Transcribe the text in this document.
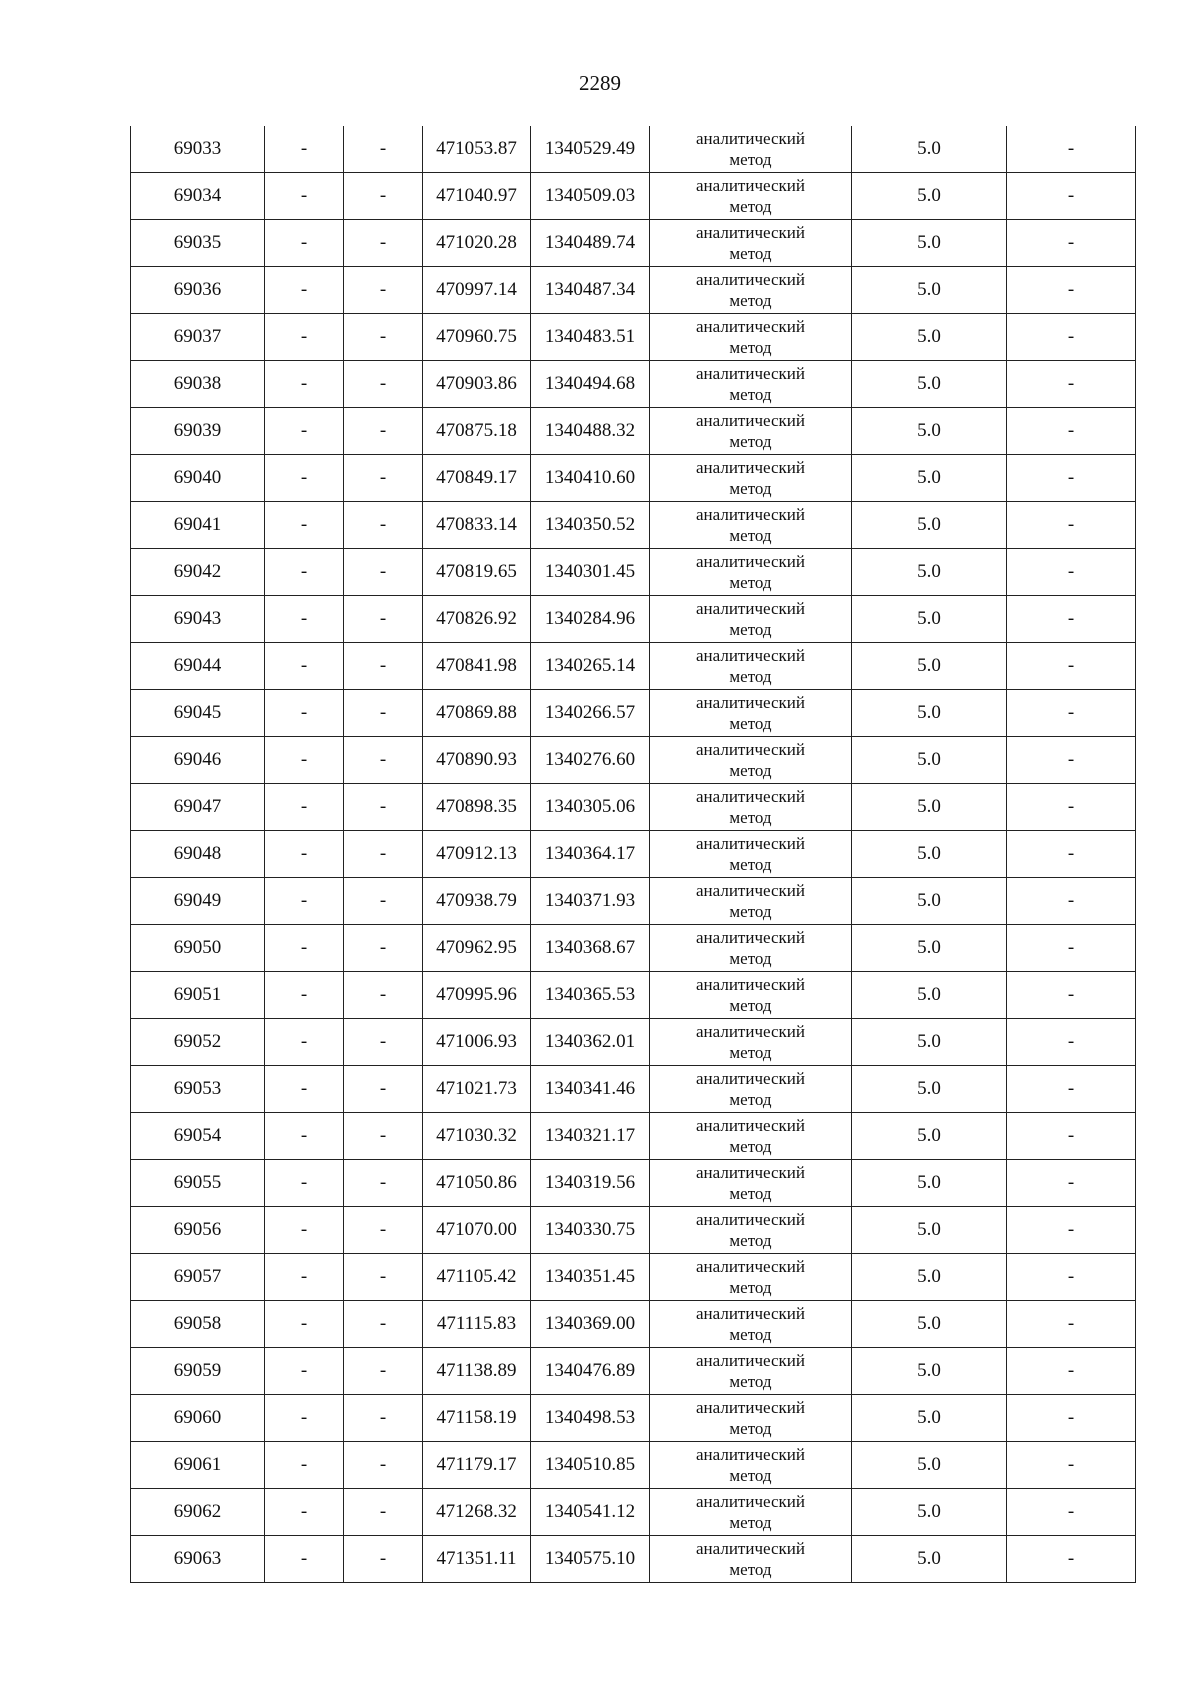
2289
69033	-	-	471053.87	1340529.49	аналитический
метод	5.0	-
69034	-	-	471040.97	1340509.03	аналитический
метод	5.0	-
69035	-	-	471020.28	1340489.74	аналитический
метод	5.0	-
69036	-	-	470997.14	1340487.34	аналитический
метод	5.0	-
69037	-	-	470960.75	1340483.51	аналитический
метод	5.0	-
69038	-	-	470903.86	1340494.68	аналитический
метод	5.0	-
69039	-	-	470875.18	1340488.32	аналитический
метод	5.0	-
69040	-	-	470849.17	1340410.60	аналитический
метод	5.0	-
69041	-	-	470833.14	1340350.52	аналитический
метод	5.0	-
69042	-	-	470819.65	1340301.45	аналитический
метод	5.0	-
69043	-	-	470826.92	1340284.96	аналитический
метод	5.0	-
69044	-	-	470841.98	1340265.14	аналитический
метод	5.0	-
69045	-	-	470869.88	1340266.57	аналитический
метод	5.0	-
69046	-	-	470890.93	1340276.60	аналитический
метод	5.0	-
69047	-	-	470898.35	1340305.06	аналитический
метод	5.0	-
69048	-	-	470912.13	1340364.17	аналитический
метод	5.0	-
69049	-	-	470938.79	1340371.93	аналитический
метод	5.0	-
69050	-	-	470962.95	1340368.67	аналитический
метод	5.0	-
69051	-	-	470995.96	1340365.53	аналитический
метод	5.0	-
69052	-	-	471006.93	1340362.01	аналитический
метод	5.0	-
69053	-	-	471021.73	1340341.46	аналитический
метод	5.0	-
69054	-	-	471030.32	1340321.17	аналитический
метод	5.0	-
69055	-	-	471050.86	1340319.56	аналитический
метод	5.0	-
69056	-	-	471070.00	1340330.75	аналитический
метод	5.0	-
69057	-	-	471105.42	1340351.45	аналитический
метод	5.0	-
69058	-	-	471115.83	1340369.00	аналитический
метод	5.0	-
69059	-	-	471138.89	1340476.89	аналитический
метод	5.0	-
69060	-	-	471158.19	1340498.53	аналитический
метод	5.0	-
69061	-	-	471179.17	1340510.85	аналитический
метод	5.0	-
69062	-	-	471268.32	1340541.12	аналитический
метод	5.0	-
69063	-	-	471351.11	1340575.10	аналитический
метод	5.0	-
